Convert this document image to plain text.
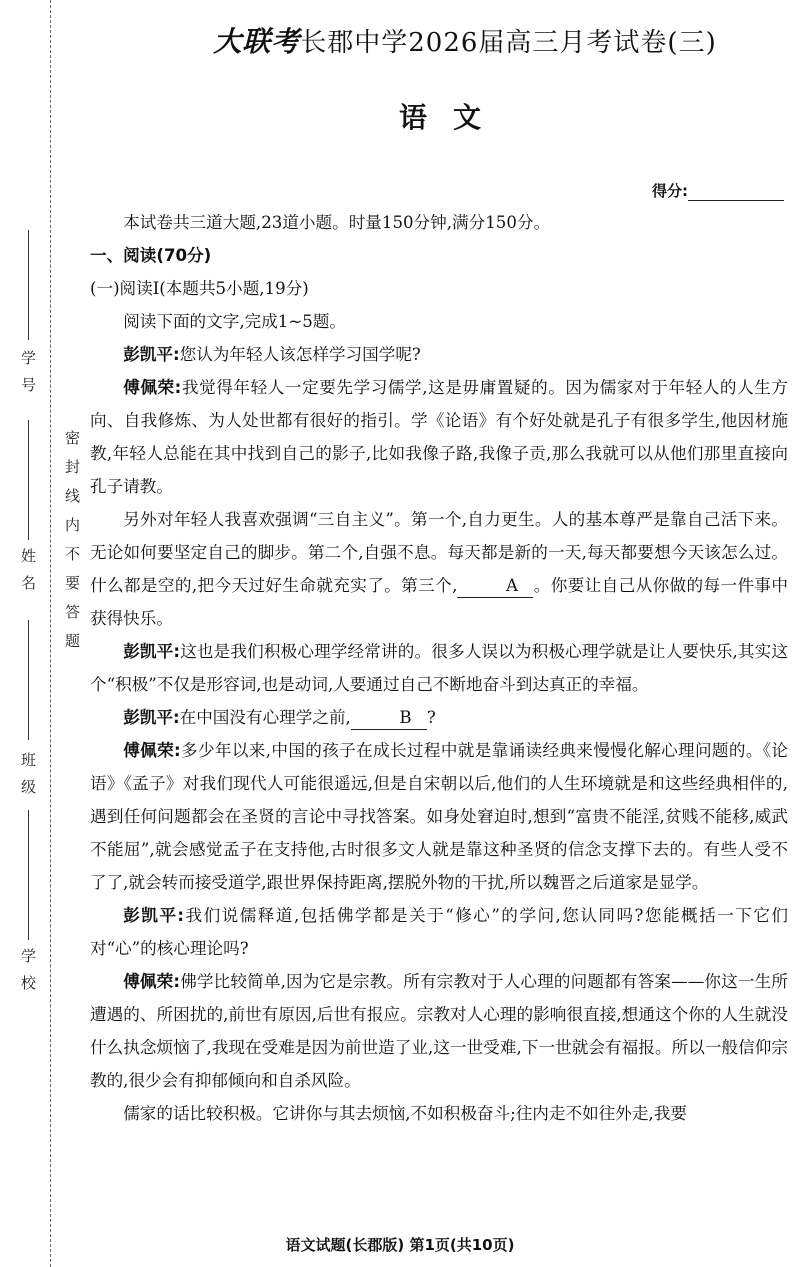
学号
姓名
班级
学校
密封线内不要答题
大联考长郡中学2026届高三月考试卷(三)
语文
得分:

本试卷共三道大题,23道小题。时量150分钟,满分150分。

一、阅读(70分)

(一)阅读Ⅰ(本题共5小题,19分)

阅读下面的文字,完成1~5题。

彭凯平:您认为年轻人该怎样学习国学呢?

傅佩荣:我觉得年轻人一定要先学习儒学,这是毋庸置疑的。因为儒家对于年轻人的人生方向、自我修炼、为人处世都有很好的指引。学《论语》有个好处就是孔子有很多学生,他因材施教,年轻人总能在其中找到自己的影子,比如我像子路,我像子贡,那么我就可以从他们那里直接向孔子请教。

另外对年轻人我喜欢强调“三自主义”。第一个,自力更生。人的基本尊严是靠自己活下来。无论如何要坚定自己的脚步。第二个,自强不息。每天都是新的一天,每天都要想今天该怎么过。什么都是空的,把今天过好生命就充实了。第三个,	A 。你要让自己从你做的每一件事中获得快乐。

彭凯平:这也是我们积极心理学经常讲的。很多人误以为积极心理学就是让人要快乐,其实这个“积极”不仅是形容词,也是动词,人要通过自己不断地奋斗到达真正的幸福。

彭凯平:在中国没有心理学之前,	B ?

傅佩荣:多少年以来,中国的孩子在成长过程中就是靠诵读经典来慢慢化解心理问题的。《论语》《孟子》对我们现代人可能很遥远,但是自宋朝以后,他们的人生环境就是和这些经典相伴的,遇到任何问题都会在圣贤的言论中寻找答案。如身处窘迫时,想到“富贵不能淫,贫贱不能移,威武不能屈”,就会感觉孟子在支持他,古时很多文人就是靠这种圣贤的信念支撑下去的。有些人受不了了,就会转而接受道学,跟世界保持距离,摆脱外物的干扰,所以魏晋之后道家是显学。

彭凯平:我们说儒释道,包括佛学都是关于“修心”的学问,您认同吗?您能概括一下它们对“心”的核心理论吗?

傅佩荣:佛学比较简单,因为它是宗教。所有宗教对于人心理的问题都有答案——你这一生所遭遇的、所困扰的,前世有原因,后世有报应。宗教对人心理的影响很直接,想通这个你的人生就没什么执念烦恼了,我现在受难是因为前世造了业,这一世受难,下一世就会有福报。所以一般信仰宗教的,很少会有抑郁倾向和自杀风险。

儒家的话比较积极。它讲你与其去烦恼,不如积极奋斗;往内走不如往外走,我要

语文试题(长郡版) 第1页(共10页)
